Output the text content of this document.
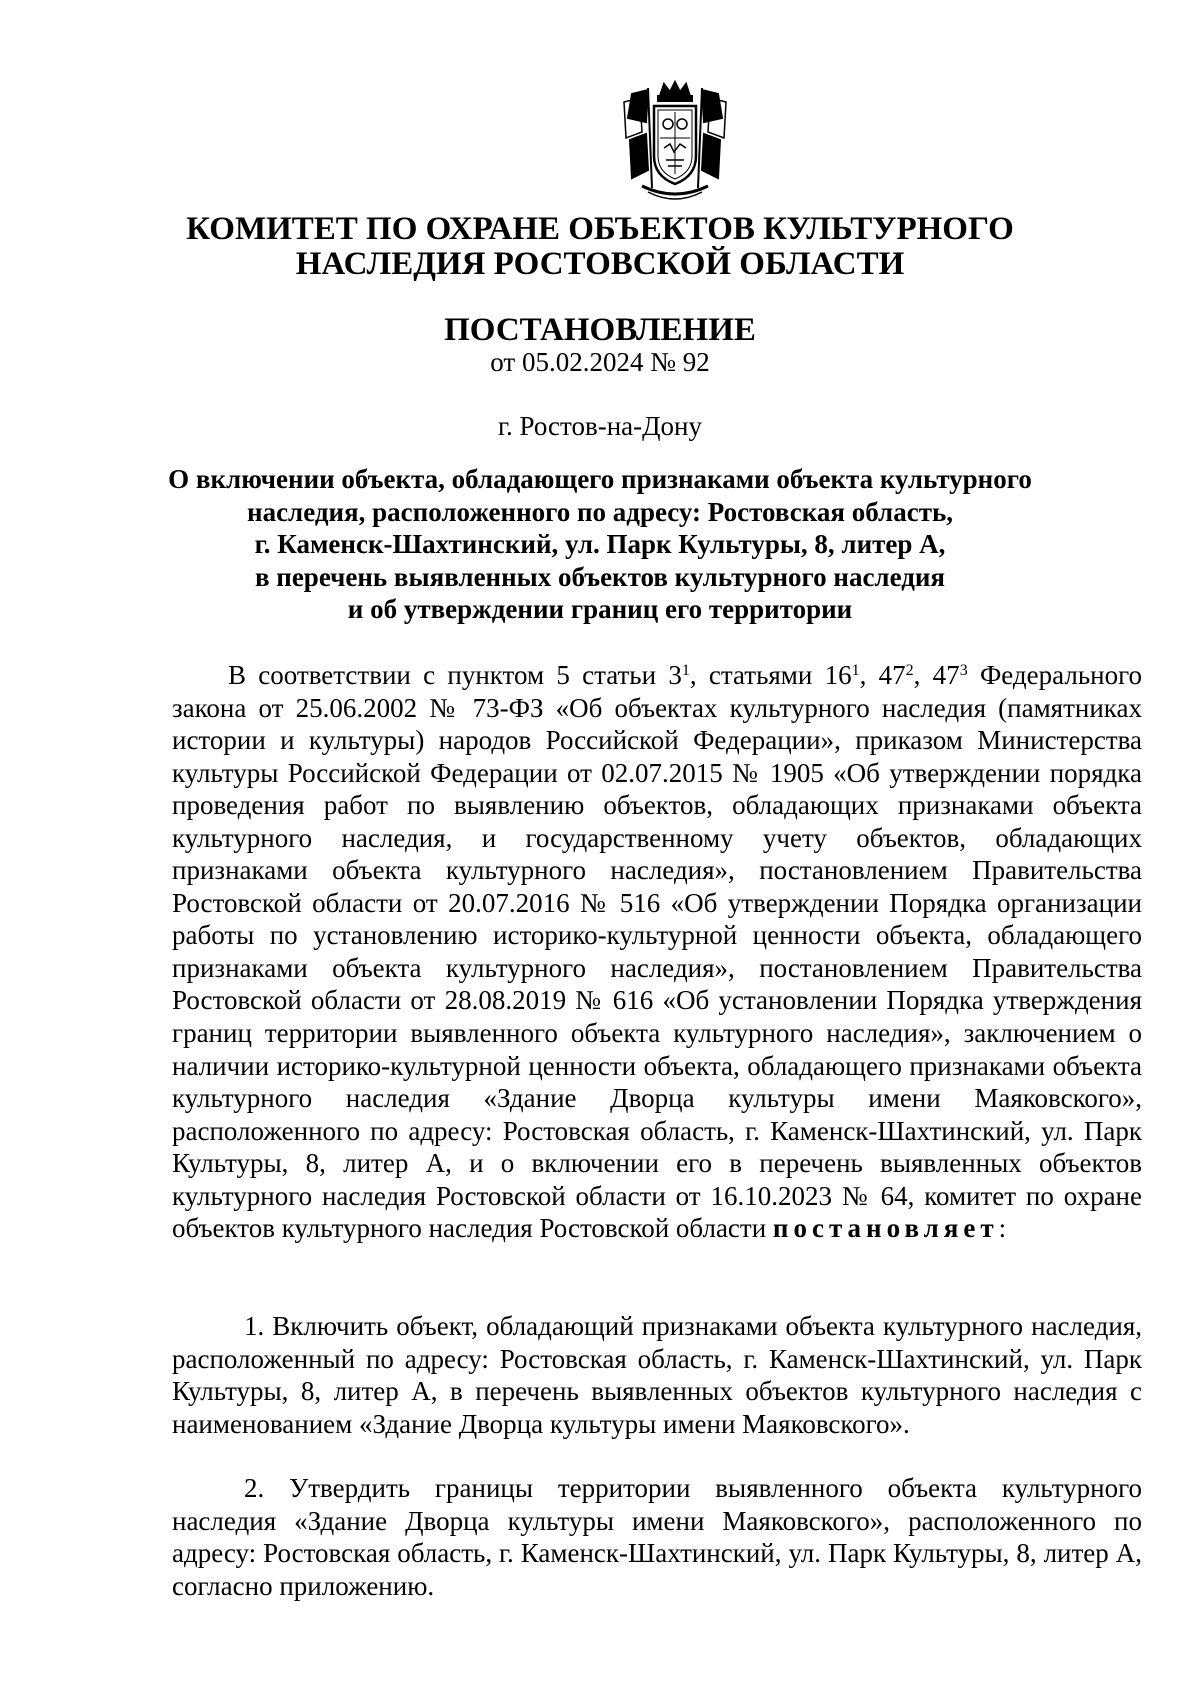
КОМИТЕТ ПО ОХРАНЕ ОБЪЕКТОВ КУЛЬТУРНОГО
НАСЛЕДИЯ РОСТОВСКОЙ ОБЛАСТИ
ПОСТАНОВЛЕНИЕ
от 05.02.2024 № 92
г. Ростов-на-Дону
О включении объекта, обладающего признаками объекта культурного
наследия, расположенного по адресу: Ростовская область,
г. Каменск-Шахтинский, ул. Парк Культуры, 8, литер А,
в перечень выявленных объектов культурного наследия
и об утверждении границ его территории

В соответствии с пунктом 5 статьи $3^1$, статьями $16^1$, $47^2$, $47^3$ Федерального закона от 25.06.2002 № 73-ФЗ «Об объектах культурного наследия (памятниках истории и культуры) народов Российской Федерации», приказом Министерства культуры Российской Федерации от 02.07.2015 № 1905 «Об утверждении порядка проведения работ по выявлению объектов, обладающих признаками объекта культурного наследия, и государственному учету объектов, обладающих признаками объекта культурного наследия», постановлением Правительства Ростовской области от 20.07.2016 № 516 «Об утверждении Порядка организации работы по установлению историко-культурной ценности объекта, обладающего признаками объекта культурного наследия», постановлением Правительства Ростовской области от 28.08.2019 № 616 «Об установлении Порядка утверждения границ территории выявленного объекта культурного наследия», заключением о наличии историко-культурной ценности объекта, обладающего признаками объекта культурного наследия «Здание Дворца культуры имени Маяковского», расположенного по адресу: Ростовская область, г. Каменск-Шахтинский, ул. Парк Культуры, 8, литер А, и о включении его в перечень выявленных объектов культурного наследия Ростовской области от 16.10.2023 № 64, комитет по охране объектов культурного наследия Ростовской области постановляет:

1. Включить объект, обладающий признаками объекта культурного наследия, расположенный по адресу: Ростовская область, г. Каменск-Шахтинский, ул. Парк Культуры, 8, литер А, в перечень выявленных объектов культурного наследия с наименованием «Здание Дворца культуры имени Маяковского».

2. Утвердить границы территории выявленного объекта культурного наследия «Здание Дворца культуры имени Маяковского», расположенного по адресу: Ростовская область, г. Каменск-Шахтинский, ул. Парк Культуры, 8, литер А, согласно приложению.
